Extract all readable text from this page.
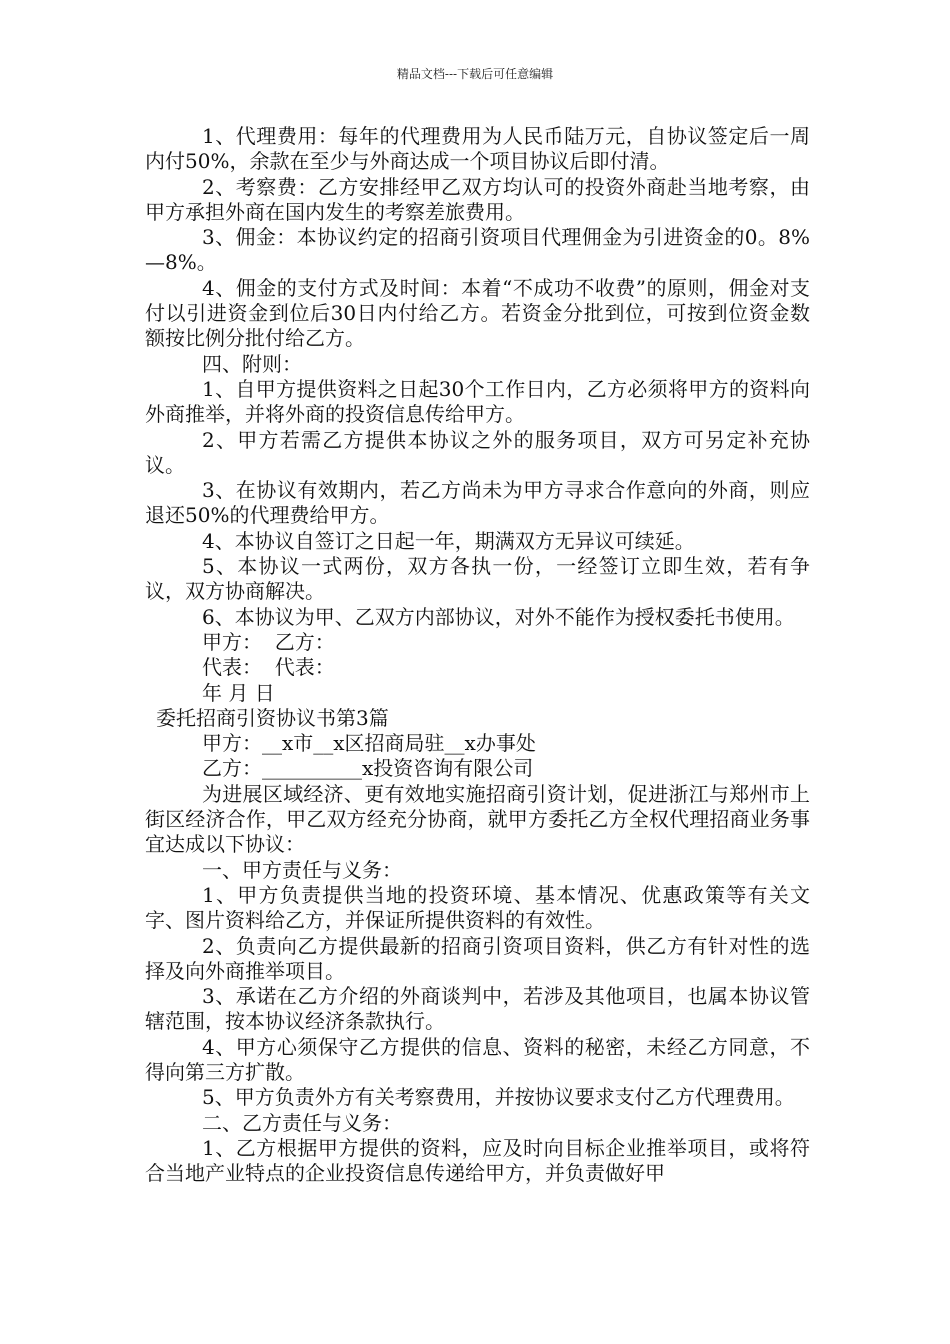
精品文档---下载后可任意编辑

1、代理费用：每年的代理费用为人民币陆万元，自协议签定后一周内付50%，余款在至少与外商达成一个项目协议后即付清。

2、考察费：乙方安排经甲乙双方均认可的投资外商赴当地考察，由甲方承担外商在国内发生的考察差旅费用。

3、佣金：本协议约定的招商引资项目代理佣金为引进资金的0。8%—8%。

4、佣金的支付方式及时间：本着“不成功不收费”的原则，佣金对支付以引进资金到位后30日内付给乙方。若资金分批到位，可按到位资金数额按比例分批付给乙方。

四、附则：

1、自甲方提供资料之日起30个工作日内，乙方必须将甲方的资料向外商推举，并将外商的投资信息传给甲方。

2、甲方若需乙方提供本协议之外的服务项目，双方可另定补充协议。

3、在协议有效期内，若乙方尚未为甲方寻求合作意向的外商，则应退还50%的代理费给甲方。

4、本协议自签订之日起一年，期满双方无异议可续延。

5、本协议一式两份，双方各执一份，一经签订立即生效，若有争议，双方协商解决。

6、本协议为甲、乙双方内部协议，对外不能作为授权委托书使用。

甲方：  乙方：

代表：  代表：

年 月 日

委托招商引资协议书第3篇

甲方：__x市__x区招商局驻__x办事处

乙方：__________x投资咨询有限公司

为进展区域经济、更有效地实施招商引资计划，促进浙江与郑州市上街区经济合作，甲乙双方经充分协商，就甲方委托乙方全权代理招商业务事宜达成以下协议：

一、甲方责任与义务：

1、甲方负责提供当地的投资环境、基本情况、优惠政策等有关文字、图片资料给乙方，并保证所提供资料的有效性。

2、负责向乙方提供最新的招商引资项目资料，供乙方有针对性的选择及向外商推举项目。

3、承诺在乙方介绍的外商谈判中，若涉及其他项目，也属本协议管辖范围，按本协议经济条款执行。

4、甲方心须保守乙方提供的信息、资料的秘密，未经乙方同意，不得向第三方扩散。

5、甲方负责外方有关考察费用，并按协议要求支付乙方代理费用。

二、乙方责任与义务：

1、乙方根据甲方提供的资料，应及时向目标企业推举项目，或将符合当地产业特点的企业投资信息传递给甲方，并负责做好甲
